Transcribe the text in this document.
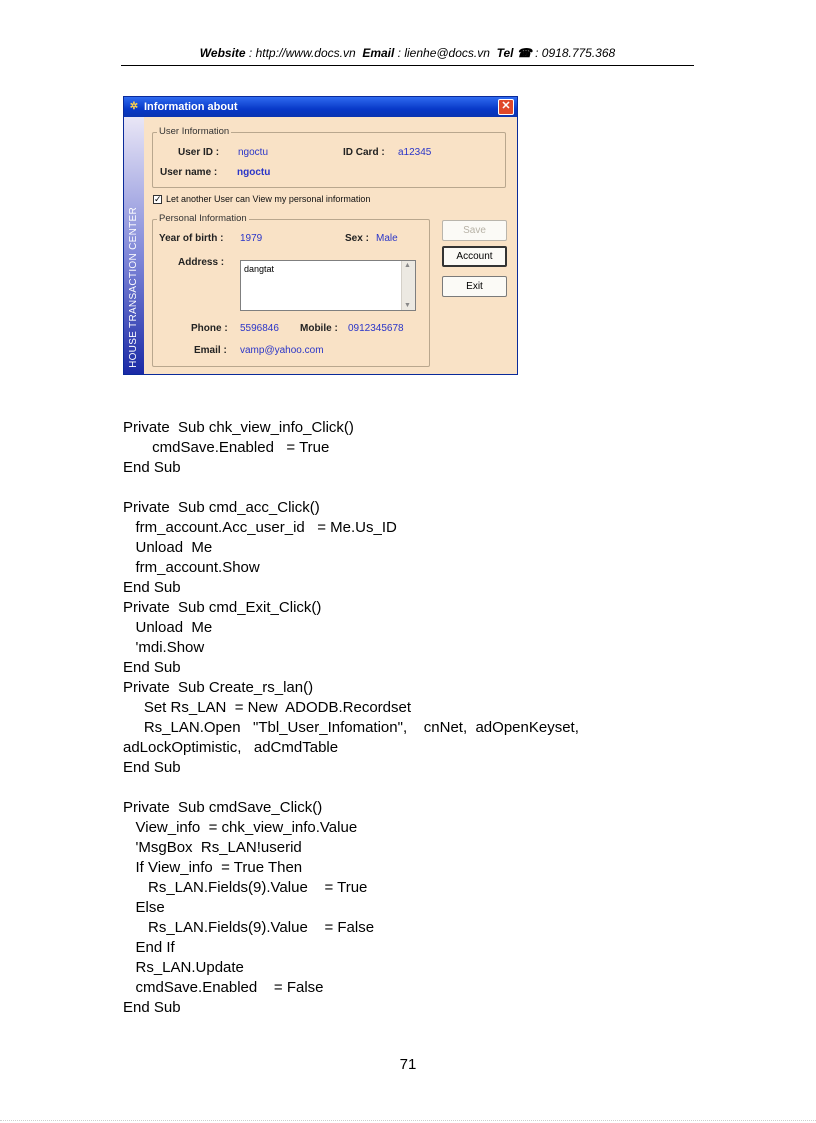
Website : http://www.docs.vn Email : lienhe@docs.vn Tel ☎ : 0918.775.368
✲ Information about	✕
HOUSE TRANSACTION CENTER
User Information
User ID : ngoctu	ID Card : a12345
User name : ngoctu
✓ Let another User can View my personal information
Personal Information
Year of birth : 1979	Sex : Male
Address :
dangtat	▲
▼
Phone : 5596846 Mobile : 0912345678
Email : vamp@yahoo.com
Save
Account
Exit
Private  Sub chk_view_info_Click()
cmdSave.Enabled   = True
End Sub
Private  Sub cmd_acc_Click()
frm_account.Acc_user_id   = Me.Us_ID
Unload  Me
frm_account.Show
End Sub
Private  Sub cmd_Exit_Click()
Unload  Me
'mdi.Show
End Sub
Private  Sub Create_rs_lan()
Set Rs_LAN  = New  ADODB.Recordset
Rs_LAN.Open   "Tbl_User_Infomation",    cnNet,  adOpenKeyset,
adLockOptimistic,   adCmdTable
End Sub
Private  Sub cmdSave_Click()
View_info  = chk_view_info.Value
'MsgBox  Rs_LAN!userid
If View_info  = True Then
Rs_LAN.Fields(9).Value    = True
Else
Rs_LAN.Fields(9).Value    = False
End If
Rs_LAN.Update
cmdSave.Enabled    = False
End Sub
71
